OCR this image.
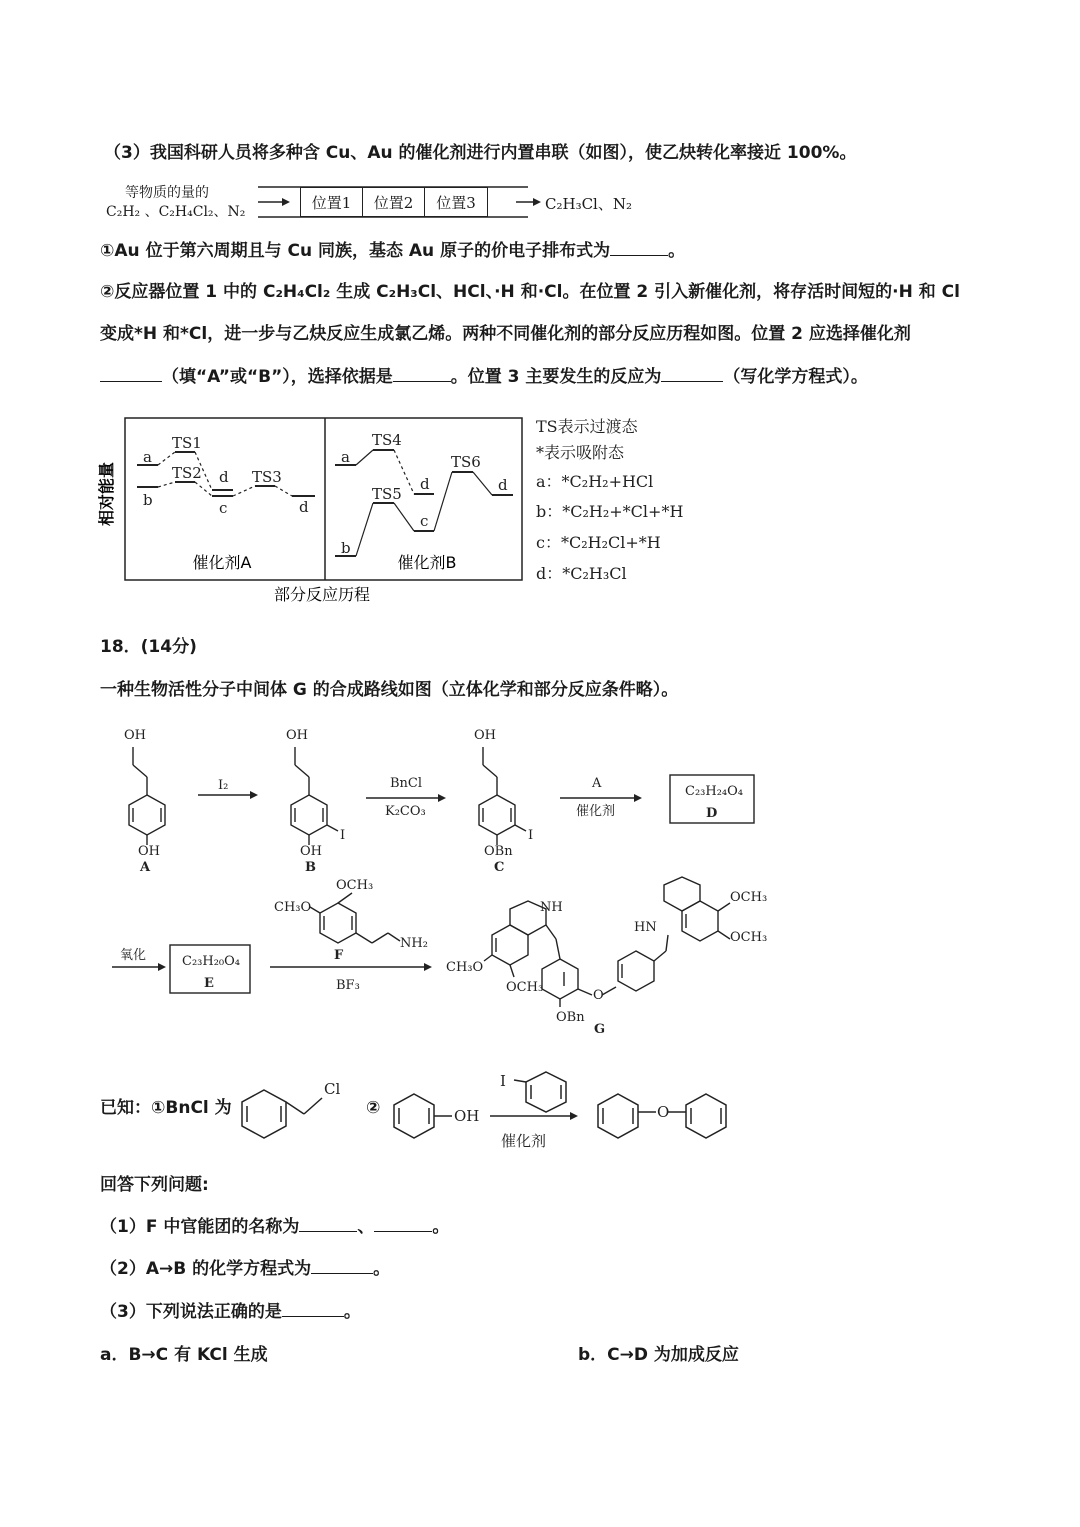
（3）我国科研人员将多种含 Cu、Au 的催化剂进行内置串联（如图），使乙炔转化率接近 100%。
等物质的量的
C₂H₂ 、C₂H₄Cl₂、N₂
位置1	位置2	位置3	C₂H₃Cl、N₂
①Au 位于第六周期且与 Cu 同族，基态 Au 原子的价电子排布式为	。
②反应器位置 1 中的 C₂H₄Cl₂ 生成 C₂H₃Cl、HCl、·H 和·Cl。在位置 2 引入新催化剂，将存活时间短的·H 和 Cl
变成*H 和*Cl，进一步与乙炔反应生成氯乙烯。两种不同催化剂的部分反应历程如图。位置 2 应选择催化剂
（填“A”或“B”），选择依据是	。位置 3 主要发生的反应为	（写化学方程式）。
相对能量
a
TS1
b
TS2 d
c
TS3
d
催化剂A
a
TS4
d
b
TS5
c
TS6
d
催化剂B
部分反应历程
TS表示过渡态
*表示吸附态
a：*C₂H₂+HCl
b：*C₂H₂+*Cl+*H
c：*C₂H₂Cl+*H
d：*C₂H₃Cl
18．(14分)
一种生物活性分子中间体 G 的合成路线如图（立体化学和部分反应条件略）。
OH
OH
A
OH
OH
I
B
OH
OBn
I
C
I₂	BnCl
K₂CO₃
A
催化剂
C₂₃H₂₄O₄
D
氧化	C₂₃H₂₀O₄
E
OCH₃
CH₃O
NH₂
F
BF₃
NH
CH₃O
OCH₃
OBn
O
G
HN
OCH₃
OCH₃
已知：①BnCl 为	②
Cl
OH
I
O
催化剂
回答下列问题:
（1）F 中官能团的名称为	、	。
（2）A→B 的化学方程式为	。
（3）下列说法正确的是	。
a．B→C 有 KCl 生成	b．C→D 为加成反应
